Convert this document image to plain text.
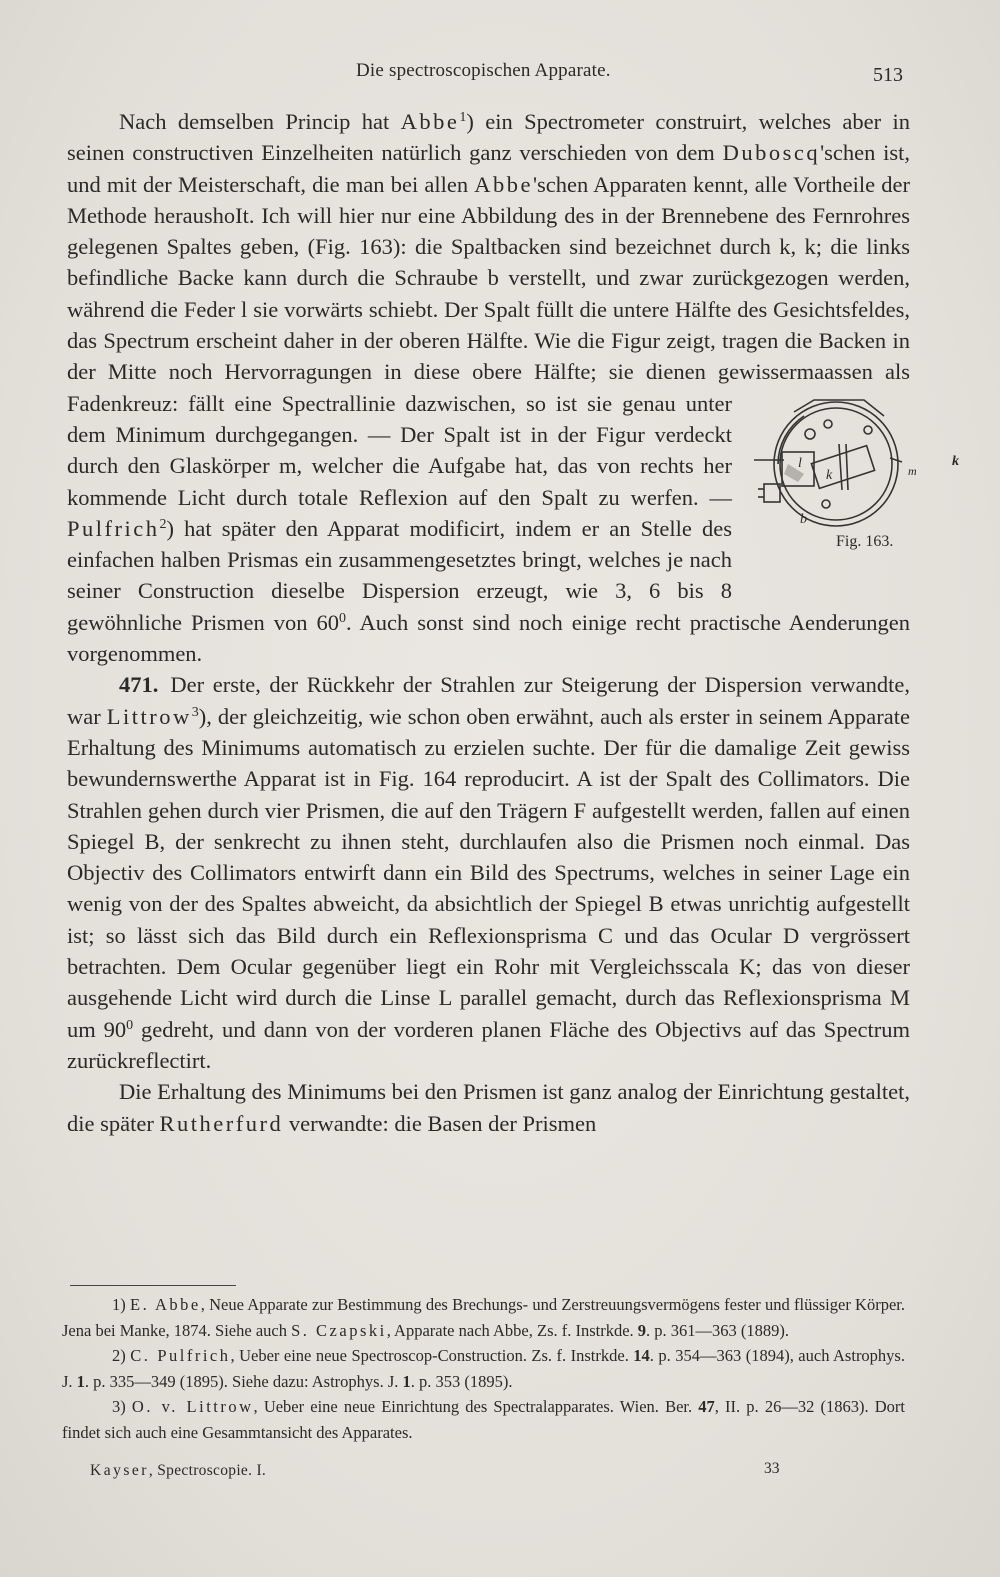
Die spectroscopischen Apparate.	513

Nach demselben Princip hat Abbe$^1$) ein Spectrometer construirt, welches aber in seinen constructiven Einzelheiten natürlich ganz verschieden von dem Duboscq'schen ist, und mit der Meisterschaft, die man bei allen Abbe'schen Apparaten kennt, alle Vortheile der Methode heraushoIt. Ich will hier nur eine Abbildung des in der Brennebene des Fernrohres gelegenen Spaltes geben, (Fig. 163): die Spaltbacken sind bezeichnet durch k, k; die links befindliche Backe kann durch die Schraube b verstellt, und zwar zurückgezogen werden, während die Feder l sie vorwärts schiebt. Der Spalt füllt die untere Hälfte des Gesichtsfeldes, das Spectrum erscheint daher in der oberen Hälfte. Wie die Figur zeigt, tragen die Backen in der Mitte noch Hervorragungen in diese obere Hälfte; sie dienen gewissermaassen als Fadenkreuz:
l
k
k
b
m
Fig. 163.
fällt eine Spectrallinie dazwischen, so ist sie genau unter dem Minimum durchgegangen. — Der Spalt ist in der Figur verdeckt durch den Glaskörper m, welcher die Aufgabe hat, das von rechts her kommende Licht durch totale Reflexion auf den Spalt zu werfen. — Pulfrich$^2$) hat später den Apparat modificirt, indem er an Stelle des einfachen halben Prismas ein zusammengesetztes bringt, welches je nach seiner Construction dieselbe Dispersion erzeugt, wie 3, 6 bis 8 gewöhnliche Prismen von $60^0$. Auch sonst sind noch einige recht practische Aenderungen vorgenommen.

471. Der erste, der Rückkehr der Strahlen zur Steigerung der Dispersion verwandte, war Littrow$^3$), der gleichzeitig, wie schon oben erwähnt, auch als erster in seinem Apparate Erhaltung des Minimums automatisch zu erzielen suchte. Der für die damalige Zeit gewiss bewundernswerthe Apparat ist in Fig. 164 reproducirt. A ist der Spalt des Collimators. Die Strahlen gehen durch vier Prismen, die auf den Trägern F aufgestellt werden, fallen auf einen Spiegel B, der senkrecht zu ihnen steht, durchlaufen also die Prismen noch einmal. Das Objectiv des Collimators entwirft dann ein Bild des Spectrums, welches in seiner Lage ein wenig von der des Spaltes abweicht, da absichtlich der Spiegel B etwas unrichtig aufgestellt ist; so lässt sich das Bild durch ein Reflexionsprisma C und das Ocular D vergrössert betrachten. Dem Ocular gegenüber liegt ein Rohr mit Vergleichsscala K; das von dieser ausgehende Licht wird durch die Linse L parallel gemacht, durch das Reflexionsprisma M um $90^0$ gedreht, und dann von der vorderen planen Fläche des Objectivs auf das Spectrum zurückreflectirt.

Die Erhaltung des Minimums bei den Prismen ist ganz analog der Einrichtung gestaltet, die später Rutherfurd verwandte: die Basen der Prismen

1) E. Abbe, Neue Apparate zur Bestimmung des Brechungs- und Zerstreuungsvermögens fester und flüssiger Körper. Jena bei Manke, 1874. Siehe auch S. Czapski, Apparate nach Abbe, Zs. f. Instrkde. 9. p. 361—363 (1889).

2) C. Pulfrich, Ueber eine neue Spectroscop-Construction. Zs. f. Instrkde. 14. p. 354—363 (1894), auch Astrophys. J. 1. p. 335—349 (1895). Siehe dazu: Astrophys. J. 1. p. 353 (1895).

3) O. v. Littrow, Ueber eine neue Einrichtung des Spectralapparates. Wien. Ber. 47, II. p. 26—32 (1863). Dort findet sich auch eine Gesammtansicht des Apparates.

Kayser, Spectroscopie. I.	33
